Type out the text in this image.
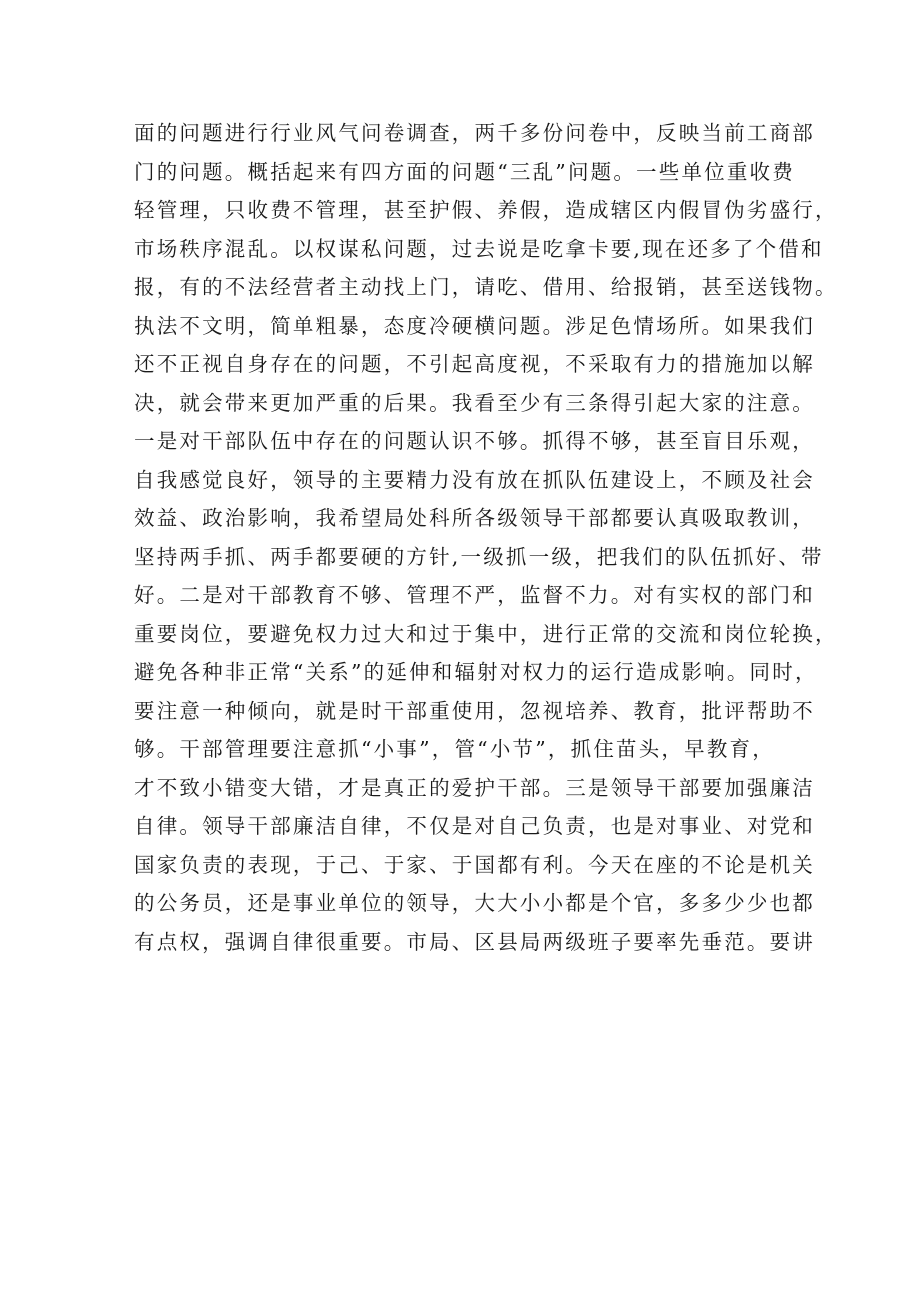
面的问题进行行业风气问卷调查，两千多份问卷中，反映当前工商部
门的问题。概括起来有四方面的问题“三乱”问题。一些单位重收费
轻管理，只收费不管理，甚至护假、养假，造成辖区内假冒伪劣盛行，
市场秩序混乱。以权谋私问题，过去说是吃拿卡要,现在还多了个借和
报，有的不法经营者主动找上门，请吃、借用、给报销，甚至送钱物。
执法不文明，简单粗暴，态度冷硬横问题。涉足色情场所。如果我们
还不正视自身存在的问题，不引起高度视，不采取有力的措施加以解
决，就会带来更加严重的后果。我看至少有三条得引起大家的注意。
一是对干部队伍中存在的问题认识不够。抓得不够，甚至盲目乐观，
自我感觉良好，领导的主要精力没有放在抓队伍建设上，不顾及社会
效益、政治影响，我希望局处科所各级领导干部都要认真吸取教训，
坚持两手抓、两手都要硬的方针,一级抓一级，把我们的队伍抓好、带
好。二是对干部教育不够、管理不严，监督不力。对有实权的部门和
重要岗位，要避免权力过大和过于集中，进行正常的交流和岗位轮换，
避免各种非正常“关系”的延伸和辐射对权力的运行造成影响。同时，
要注意一种倾向，就是时干部重使用，忽视培养、教育，批评帮助不
够。干部管理要注意抓“小事”，管“小节”，抓住苗头，早教育，
才不致小错变大错，才是真正的爱护干部。三是领导干部要加强廉洁
自律。领导干部廉洁自律，不仅是对自己负责，也是对事业、对党和
国家负责的表现，于己、于家、于国都有利。今天在座的不论是机关
的公务员，还是事业单位的领导，大大小小都是个官，多多少少也都
有点权，强调自律很重要。市局、区县局两级班子要率先垂范。要讲
